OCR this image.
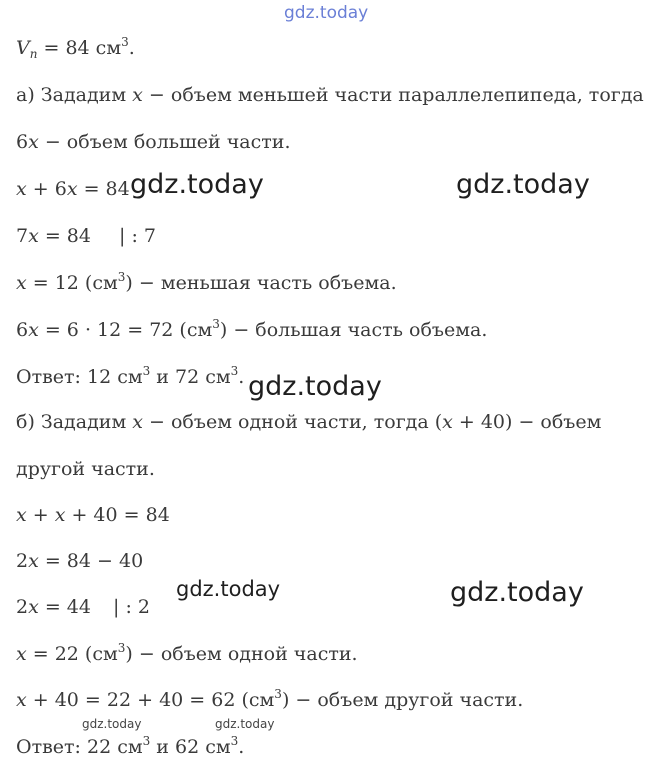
gdz.today
$V_n = 84$ $см^3$.
а) Зададим x − объем меньшей части параллелепипеда, тогда
6x − объем большей части.
x + 6x = 84
7x = 84 | : 7
x = 12 $(см^3)$ − меньшая часть объема.
6x = 6 · 12 = 72 $(см^3)$ − большая часть объема.
Ответ: 12 $см^3$ и 72 $см^3$.
б) Зададим x − объем одной части, тогда (x + 40) − объем
другой части.
x + x + 40 = 84
2x = 84 − 40
2x = 44 | : 2
x = 22 $(см^3)$ − объем одной части.
x + 40 = 22 + 40 = 62 $(см^3)$ − объем другой части.
Ответ: 22 $см^3$ и 62 $см^3$.
gdz.today	gdz.today
gdz.today
gdz.today	gdz.today
gdz.today	gdz.today
